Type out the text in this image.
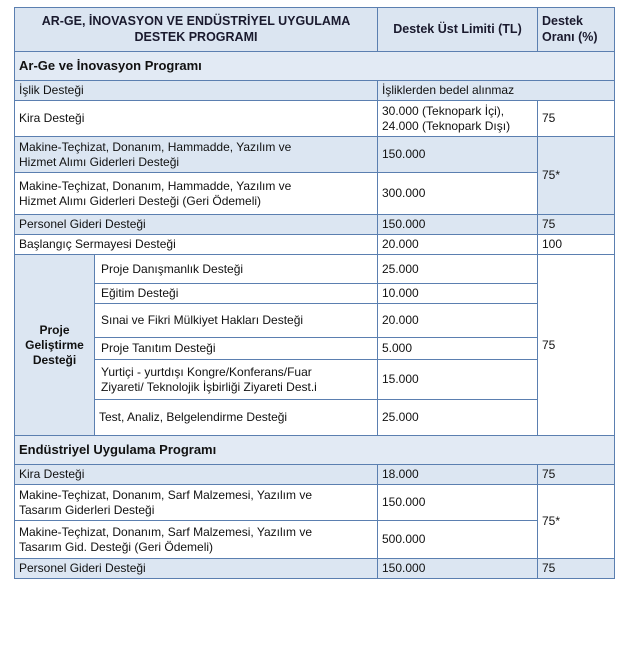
AR-GE, İNOVASYON VE ENDÜSTRİYEL UYGULAMA DESTEK PROGRAMI		Destek Üst Limiti (TL)	Destek Oranı (%)
Ar-Ge ve İnovasyon Programı			
İşlik Desteği		İşliklerden bedel alınmaz	
Kira Desteği		30.000 (Teknopark İçi),
24.000 (Teknopark Dışı)	75

Makine-Teçhizat, Donanım, Hammadde, Yazılım ve
Hizmet Alımı Giderleri Desteği		150.000	75*

Makine-Teçhizat, Donanım, Hammadde, Yazılım ve
Hizmet Alımı Giderleri Desteği (Geri Ödemeli)		300.000	
Personel Gideri Desteği		150.000	75
Başlangıç Sermayesi Desteği		20.000	100

Proje
Geliştirme
Desteği	Proje Danışmanlık Desteği	25.000	75
	Eğitim Desteği	10.000	
	Sınai ve Fikri Mülkiyet Hakları Desteği	20.000	
	Proje Tanıtım Desteği	5.000	

	Yurtiçi - yurtdışı Kongre/Konferans/Fuar
Ziyareti/ Teknolojik İşbirliği Ziyareti Dest.i	15.000	
	Test, Analiz, Belgelendirme Desteği	25.000	
Endüstriyel Uygulama Programı			
Kira Desteği		18.000	75

Makine-Teçhizat, Donanım, Sarf Malzemesi, Yazılım ve
Tasarım Giderleri Desteği		150.000	75*

Makine-Teçhizat, Donanım, Sarf Malzemesi, Yazılım ve
Tasarım Gid. Desteği (Geri Ödemeli)		500.000	
Personel Gideri Desteği		150.000	75
